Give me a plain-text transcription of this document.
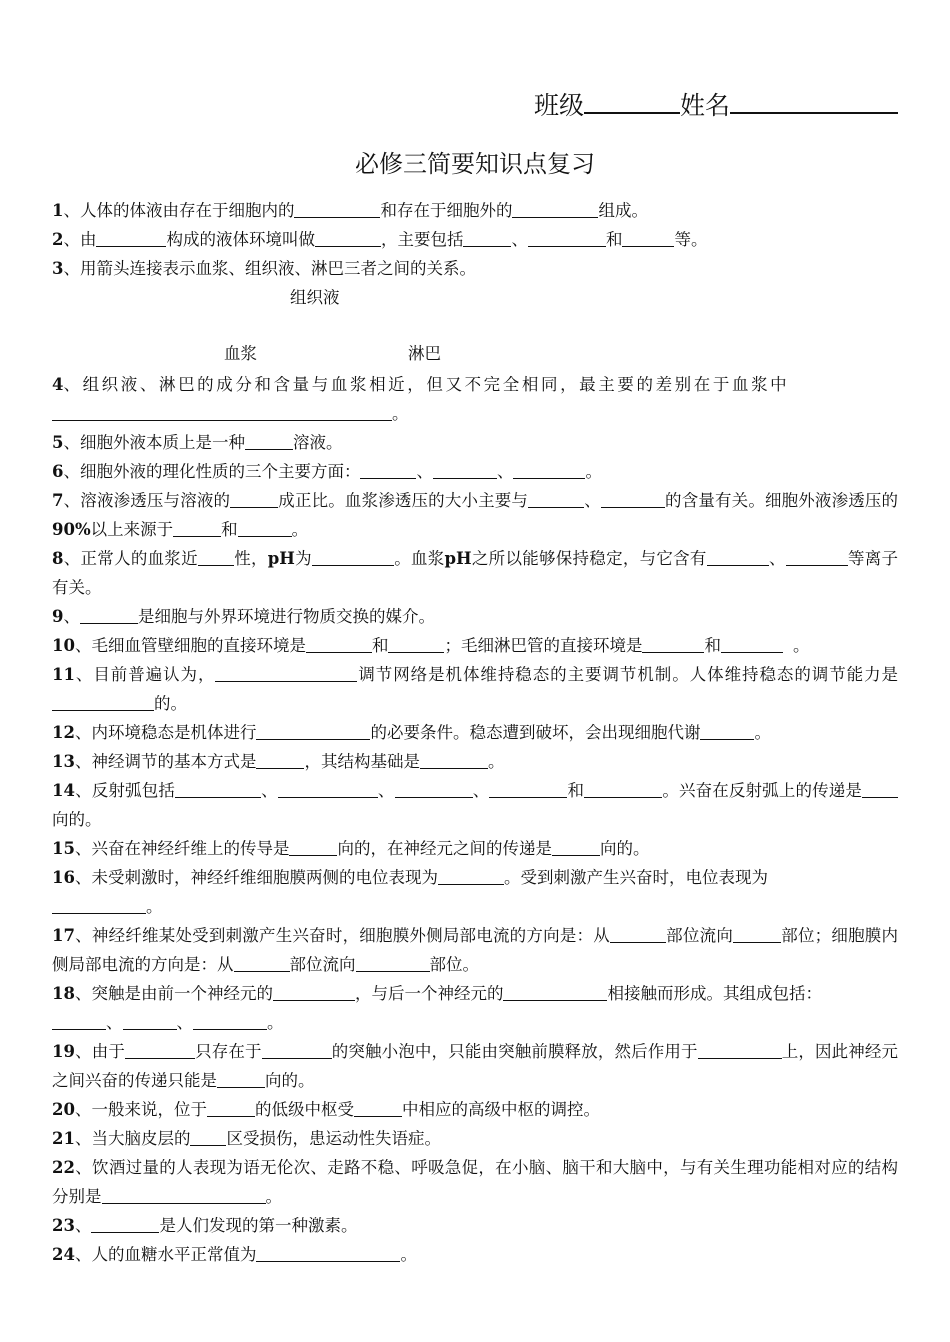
班级	姓名
必修三简要知识点复习

1、人体的体液由存在于细胞内的	和存在于细胞外的	组成。

2、由	构成的液体环境叫做	，主要包括	、	和	等。

3、用箭头连接表示血浆、组织液、淋巴三者之间的关系。

组织液
血浆	淋巴

4、组织液、淋巴的成分和含量与血浆相近，但又不完全相同，最主要的差别在于血浆中
。

5、细胞外液本质上是一种	溶液。

6、细胞外液的理化性质的三个主要方面：	、	、	。

7、溶液渗透压与溶液的	成正比。血浆渗透压的大小主要与	、	的含量有关。细胞外液渗透压的90%以上来源于	和	。

8、正常人的血浆近 性，pH为	。血浆pH之所以能够保持稳定，与它含有	、	等离子有关。

9、	是细胞与外界环境进行物质交换的媒介。

10、毛细血管壁细胞的直接环境是	和	；毛细淋巴管的直接环境是	和	。

11、目前普遍认为，	调节网络是机体维持稳态的主要调节机制。人体维持稳态的调节能力是的。

12、内环境稳态是机体进行	的必要条件。稳态遭到破坏，会出现细胞代谢	。

13、神经调节的基本方式是	，其结构基础是	。

14、反射弧包括	、	、	、	和	。兴奋在反射弧上的传递是向的。

15、兴奋在神经纤维上的传导是	向的，在神经元之间的传递是	向的。

16、未受刺激时，神经纤维细胞膜两侧的电位表现为	。受到刺激产生兴奋时，电位表现为
。

17、神经纤维某处受到刺激产生兴奋时，细胞膜外侧局部电流的方向是：从	部位流向	部位；细胞膜内侧局部电流的方向是：从	部位流向	部位。

18、突触是由前一个神经元的	，与后一个神经元的	相接触而形成。其组成包括：
、	、	。

19、由于	只存在于	的突触小泡中，只能由突触前膜释放，然后作用于	上，因此神经元之间兴奋的传递只能是	向的。

20、一般来说，位于	的低级中枢受	中相应的高级中枢的调控。

21、当大脑皮层的 区受损伤，患运动性失语症。

22、饮酒过量的人表现为语无伦次、走路不稳、呼吸急促，在小脑、脑干和大脑中，与有关生理功能相对应的结构分别是	。

23、	是人们发现的第一种激素。

24、人的血糖水平正常值为	。
